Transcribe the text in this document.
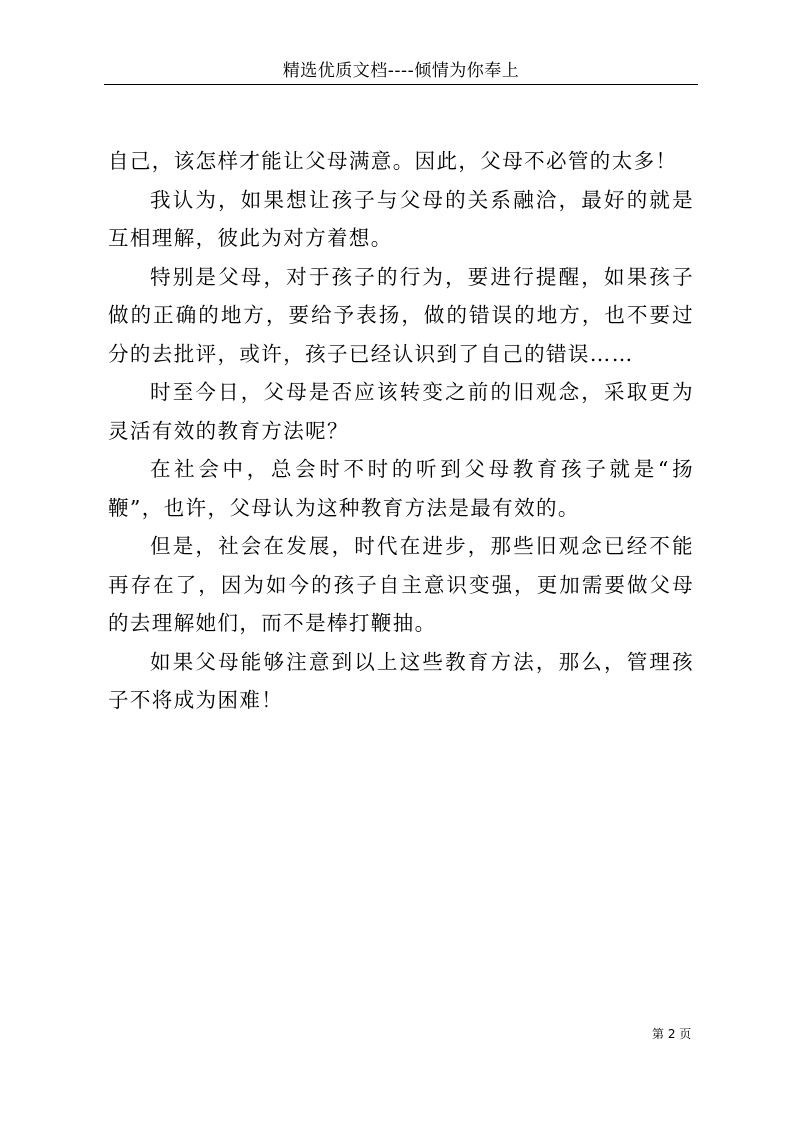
精选优质文档----倾情为你奉上

自己，该怎样才能让父母满意。因此，父母不必管的太多！

我认为，如果想让孩子与父母的关系融洽，最好的就是互相理解，彼此为对方着想。

特别是父母，对于孩子的行为，要进行提醒，如果孩子做的正确的地方，要给予表扬，做的错误的地方，也不要过分的去批评，或许，孩子已经认识到了自己的错误……

时至今日，父母是否应该转变之前的旧观念，采取更为灵活有效的教育方法呢？

在社会中，总会时不时的听到父母教育孩子就是“扬鞭”，也许，父母认为这种教育方法是最有效的。

但是，社会在发展，时代在进步，那些旧观念已经不能再存在了，因为如今的孩子自主意识变强，更加需要做父母的去理解她们，而不是棒打鞭抽。

如果父母能够注意到以上这些教育方法，那么，管理孩子不将成为困难！

第 2 页
